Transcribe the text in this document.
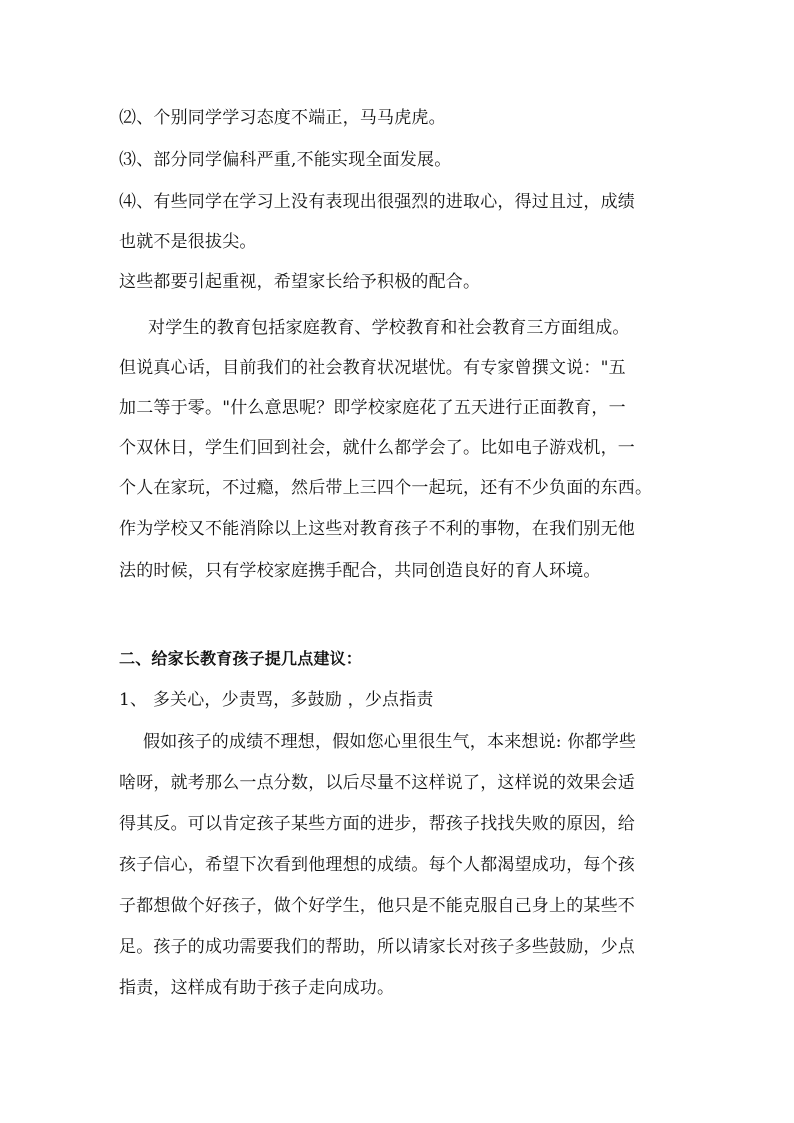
⑵、个别同学学习态度不端正，马马虎虎。
⑶、部分同学偏科严重,不能实现全面发展。
⑷、有些同学在学习上没有表现出很强烈的进取心，得过且过，成绩
也就不是很拔尖。
这些都要引起重视，希望家长给予积极的配合。
对学生的教育包括家庭教育、学校教育和社会教育三方面组成。
但说真心话，目前我们的社会教育状况堪忧。有专家曾撰文说："五
加二等于零。"什么意思呢？即学校家庭花了五天进行正面教育，一
个双休日，学生们回到社会，就什么都学会了。比如电子游戏机，一
个人在家玩，不过瘾，然后带上三四个一起玩，还有不少负面的东西。
作为学校又不能消除以上这些对教育孩子不利的事物，在我们别无他
法的时候，只有学校家庭携手配合，共同创造良好的育人环境。
二、给家长教育孩子提几点建议：
1、 多关心，少责骂，多鼓励 ，少点指责
假如孩子的成绩不理想，假如您心里很生气，本来想说: 你都学些
啥呀，就考那么一点分数，以后尽量不这样说了，这样说的效果会适
得其反。可以肯定孩子某些方面的进步，帮孩子找找失败的原因，给
孩子信心，希望下次看到他理想的成绩。每个人都渴望成功，每个孩
子都想做个好孩子，做个好学生，他只是不能克服自己身上的某些不
足。孩子的成功需要我们的帮助，所以请家长对孩子多些鼓励，少点
指责，这样成有助于孩子走向成功。
